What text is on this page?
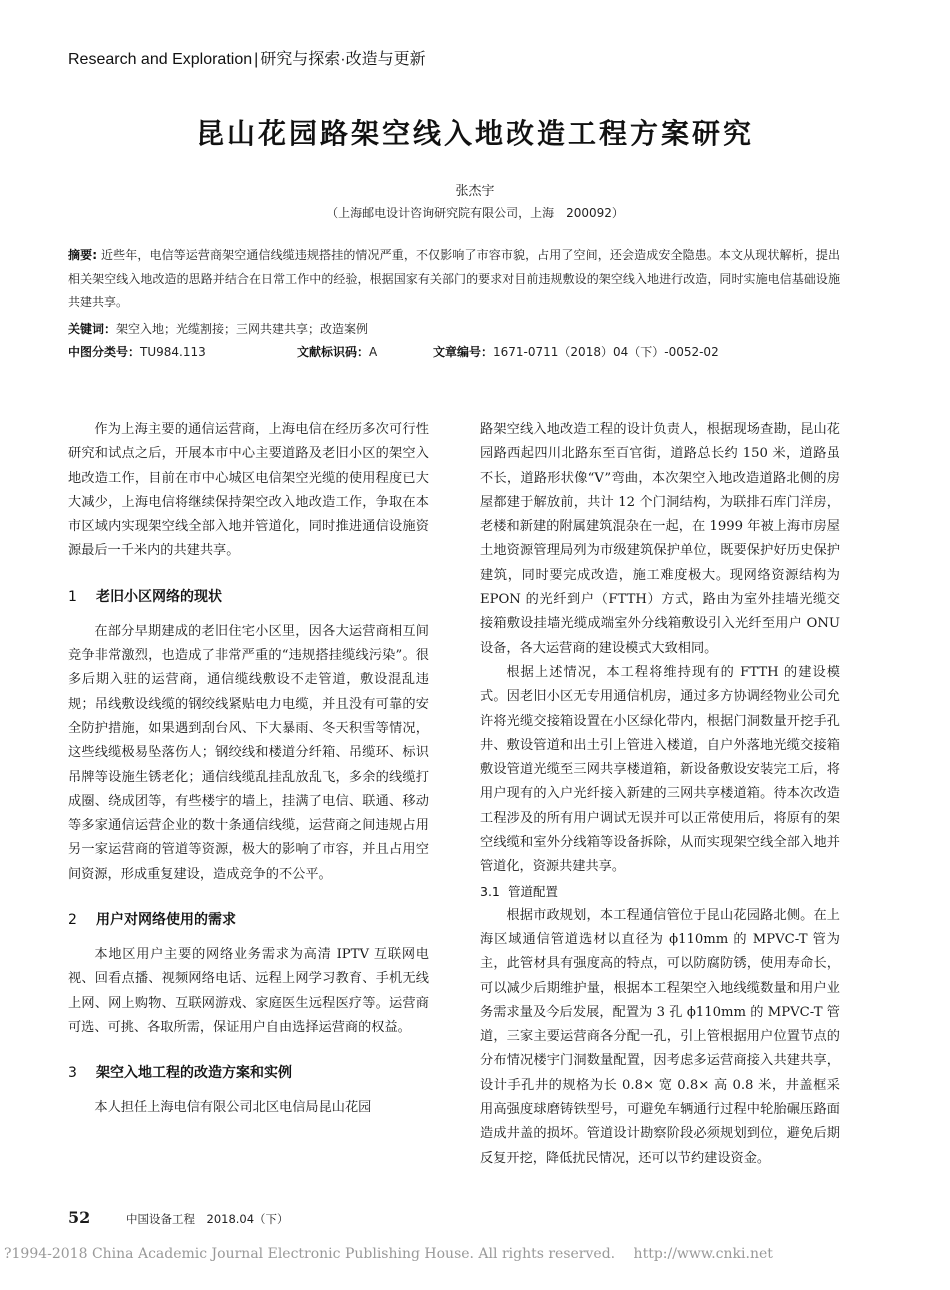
Research and Exploration | 研究与探索·改造与更新
昆山花园路架空线入地改造工程方案研究
张杰宇
（上海邮电设计咨询研究院有限公司，上海　200092）
摘要: 近些年，电信等运营商架空通信线缆违规搭挂的情况严重，不仅影响了市容市貌，占用了空间，还会造成安全隐患。本文从现状解析，提出相关架空线入地改造的思路并结合在日常工作中的经验，根据国家有关部门的要求对目前违规敷设的架空线入地进行改造，同时实施电信基础设施共建共享。
关键词：架空入地；光缆割接；三网共建共享；改造案例
中图分类号：TU984.113	文献标识码：A	文章编号：1671-0711（2018）04（下）-0052-02

作为上海主要的通信运营商，上海电信在经历多次可行性研究和试点之后，开展本市中心主要道路及老旧小区的架空入地改造工作，目前在市中心城区电信架空光缆的使用程度已大大减少，上海电信将继续保持架空改入地改造工作，争取在本市区域内实现架空线全部入地并管道化，同时推进通信设施资源最后一千米内的共建共享。

1 老旧小区网络的现状

在部分早期建成的老旧住宅小区里，因各大运营商相互间竞争非常激烈，也造成了非常严重的“违规搭挂缆线污染”。很多后期入驻的运营商，通信缆线敷设不走管道，敷设混乱违规；吊线敷设线缆的钢绞线紧贴电力电缆，并且没有可靠的安全防护措施，如果遇到刮台风、下大暴雨、冬天积雪等情况，这些线缆极易坠落伤人；钢绞线和楼道分纤箱、吊缆环、标识吊牌等设施生锈老化；通信线缆乱挂乱放乱飞，多余的线缆打成圈、绕成团等，有些楼宇的墙上，挂满了电信、联通、移动等多家通信运营企业的数十条通信线缆，运营商之间违规占用另一家运营商的管道等资源，极大的影响了市容，并且占用空间资源，形成重复建设，造成竞争的不公平。

2 用户对网络使用的需求

本地区用户主要的网络业务需求为高清 IPTV 互联网电视、回看点播、视频网络电话、远程上网学习教育、手机无线上网、网上购物、互联网游戏、家庭医生远程医疗等。运营商可选、可挑、各取所需，保证用户自由选择运营商的权益。

3 架空入地工程的改造方案和实例

本人担任上海电信有限公司北区电信局昆山花园

路架空线入地改造工程的设计负责人，根据现场查勘，昆山花园路西起四川北路东至百官街，道路总长约 150 米，道路虽不长，道路形状像“V”弯曲，本次架空入地改造道路北侧的房屋都建于解放前，共计 12 个门洞结构，为联排石库门洋房，老楼和新建的附属建筑混杂在一起，在 1999 年被上海市房屋土地资源管理局列为市级建筑保护单位，既要保护好历史保护建筑，同时要完成改造，施工难度极大。现网络资源结构为 EPON 的光纤到户（FTTH）方式，路由为室外挂墙光缆交接箱敷设挂墙光缆成端室外分线箱敷设引入光纤至用户 ONU 设备，各大运营商的建设模式大致相同。

根据上述情况，本工程将维持现有的 FTTH 的建设模式。因老旧小区无专用通信机房，通过多方协调经物业公司允许将光缆交接箱设置在小区绿化带内，根据门洞数量开挖手孔井、敷设管道和出土引上管进入楼道，自户外落地光缆交接箱敷设管道光缆至三网共享楼道箱，新设备敷设安装完工后，将用户现有的入户光纤接入新建的三网共享楼道箱。待本次改造工程涉及的所有用户调试无误并可以正常使用后，将原有的架空线缆和室外分线箱等设备拆除，从而实现架空线全部入地并管道化，资源共建共享。

3.1 管道配置

根据市政规划，本工程通信管位于昆山花园路北侧。在上海区域通信管道选材以直径为 ϕ110mm 的 MPVC-T 管为主，此管材具有强度高的特点，可以防腐防锈，使用寿命长，可以减少后期维护量，根据本工程架空入地线缆数量和用户业务需求量及今后发展，配置为 3 孔 ϕ110mm 的 MPVC-T 管道，三家主要运营商各分配一孔，引上管根据用户位置节点的分布情况楼宇门洞数量配置，因考虑多运营商接入共建共享，设计手孔井的规格为长 0.8× 宽 0.8× 高 0.8 米，井盖框采用高强度球磨铸铁型号，可避免车辆通行过程中轮胎碾压路面造成井盖的损坏。管道设计勘察阶段必须规划到位，避免后期反复开挖，降低扰民情况，还可以节约建设资金。

52	中国设备工程　2018.04（下）
?1994-2018 China Academic Journal Electronic Publishing House. All rights reserved.　 http://www.cnki.net
